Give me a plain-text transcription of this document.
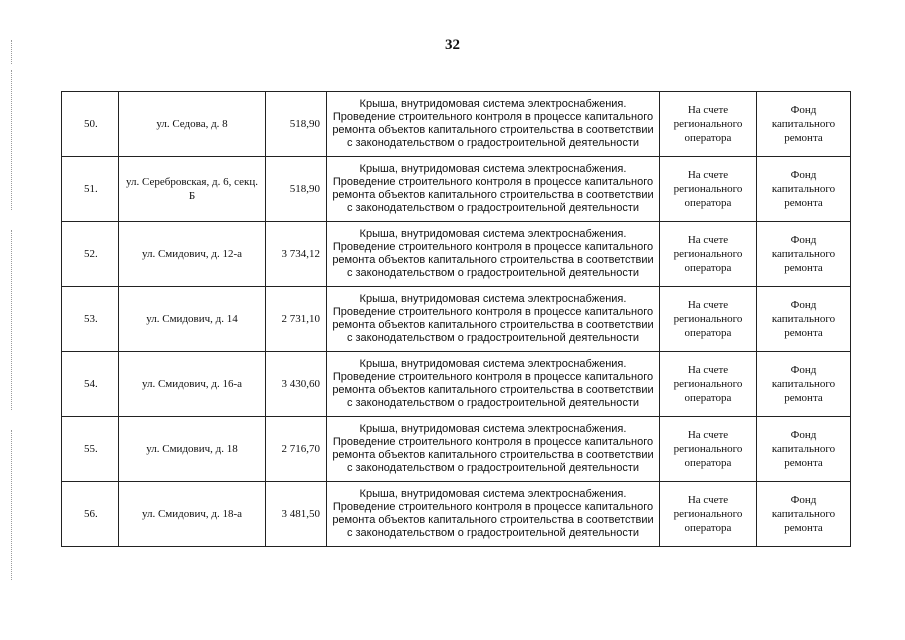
32
50.	ул. Седова, д. 8	518,90	Крыша, внутридомовая система электроснабжения. Проведение строительного контроля в процессе капитального ремонта объектов капитального строительства в соответствии с законодательством о градостроительной деятельности	На счете регионального оператора	Фонд капитального ремонта
51.	ул. Серебровская, д. 6, секц. Б	518,90	Крыша, внутридомовая система электроснабжения. Проведение строительного контроля в процессе капитального ремонта объектов капитального строительства в соответствии с законодательством о градостроительной деятельности	На счете регионального оператора	Фонд капитального ремонта
52.	ул. Смидович, д. 12-а	3 734,12	Крыша, внутридомовая система электроснабжения. Проведение строительного контроля в процессе капитального ремонта объектов капитального строительства в соответствии с законодательством о градостроительной деятельности	На счете регионального оператора	Фонд капитального ремонта
53.	ул. Смидович, д. 14	2 731,10	Крыша, внутридомовая система электроснабжения. Проведение строительного контроля в процессе капитального ремонта объектов капитального строительства в соответствии с законодательством о градостроительной деятельности	На счете регионального оператора	Фонд капитального ремонта
54.	ул. Смидович, д. 16-а	3 430,60	Крыша, внутридомовая система электроснабжения. Проведение строительного контроля в процессе капитального ремонта объектов капитального строительства в соответствии с законодательством о градостроительной деятельности	На счете регионального оператора	Фонд капитального ремонта
55.	ул. Смидович, д. 18	2 716,70	Крыша, внутридомовая система электроснабжения. Проведение строительного контроля в процессе капитального ремонта объектов капитального строительства в соответствии с законодательством о градостроительной деятельности	На счете регионального оператора	Фонд капитального ремонта
56.	ул. Смидович, д. 18-а	3 481,50	Крыша, внутридомовая система электроснабжения. Проведение строительного контроля в процессе капитального ремонта объектов капитального строительства в соответствии с законодательством о градостроительной деятельности	На счете регионального оператора	Фонд капитального ремонта
